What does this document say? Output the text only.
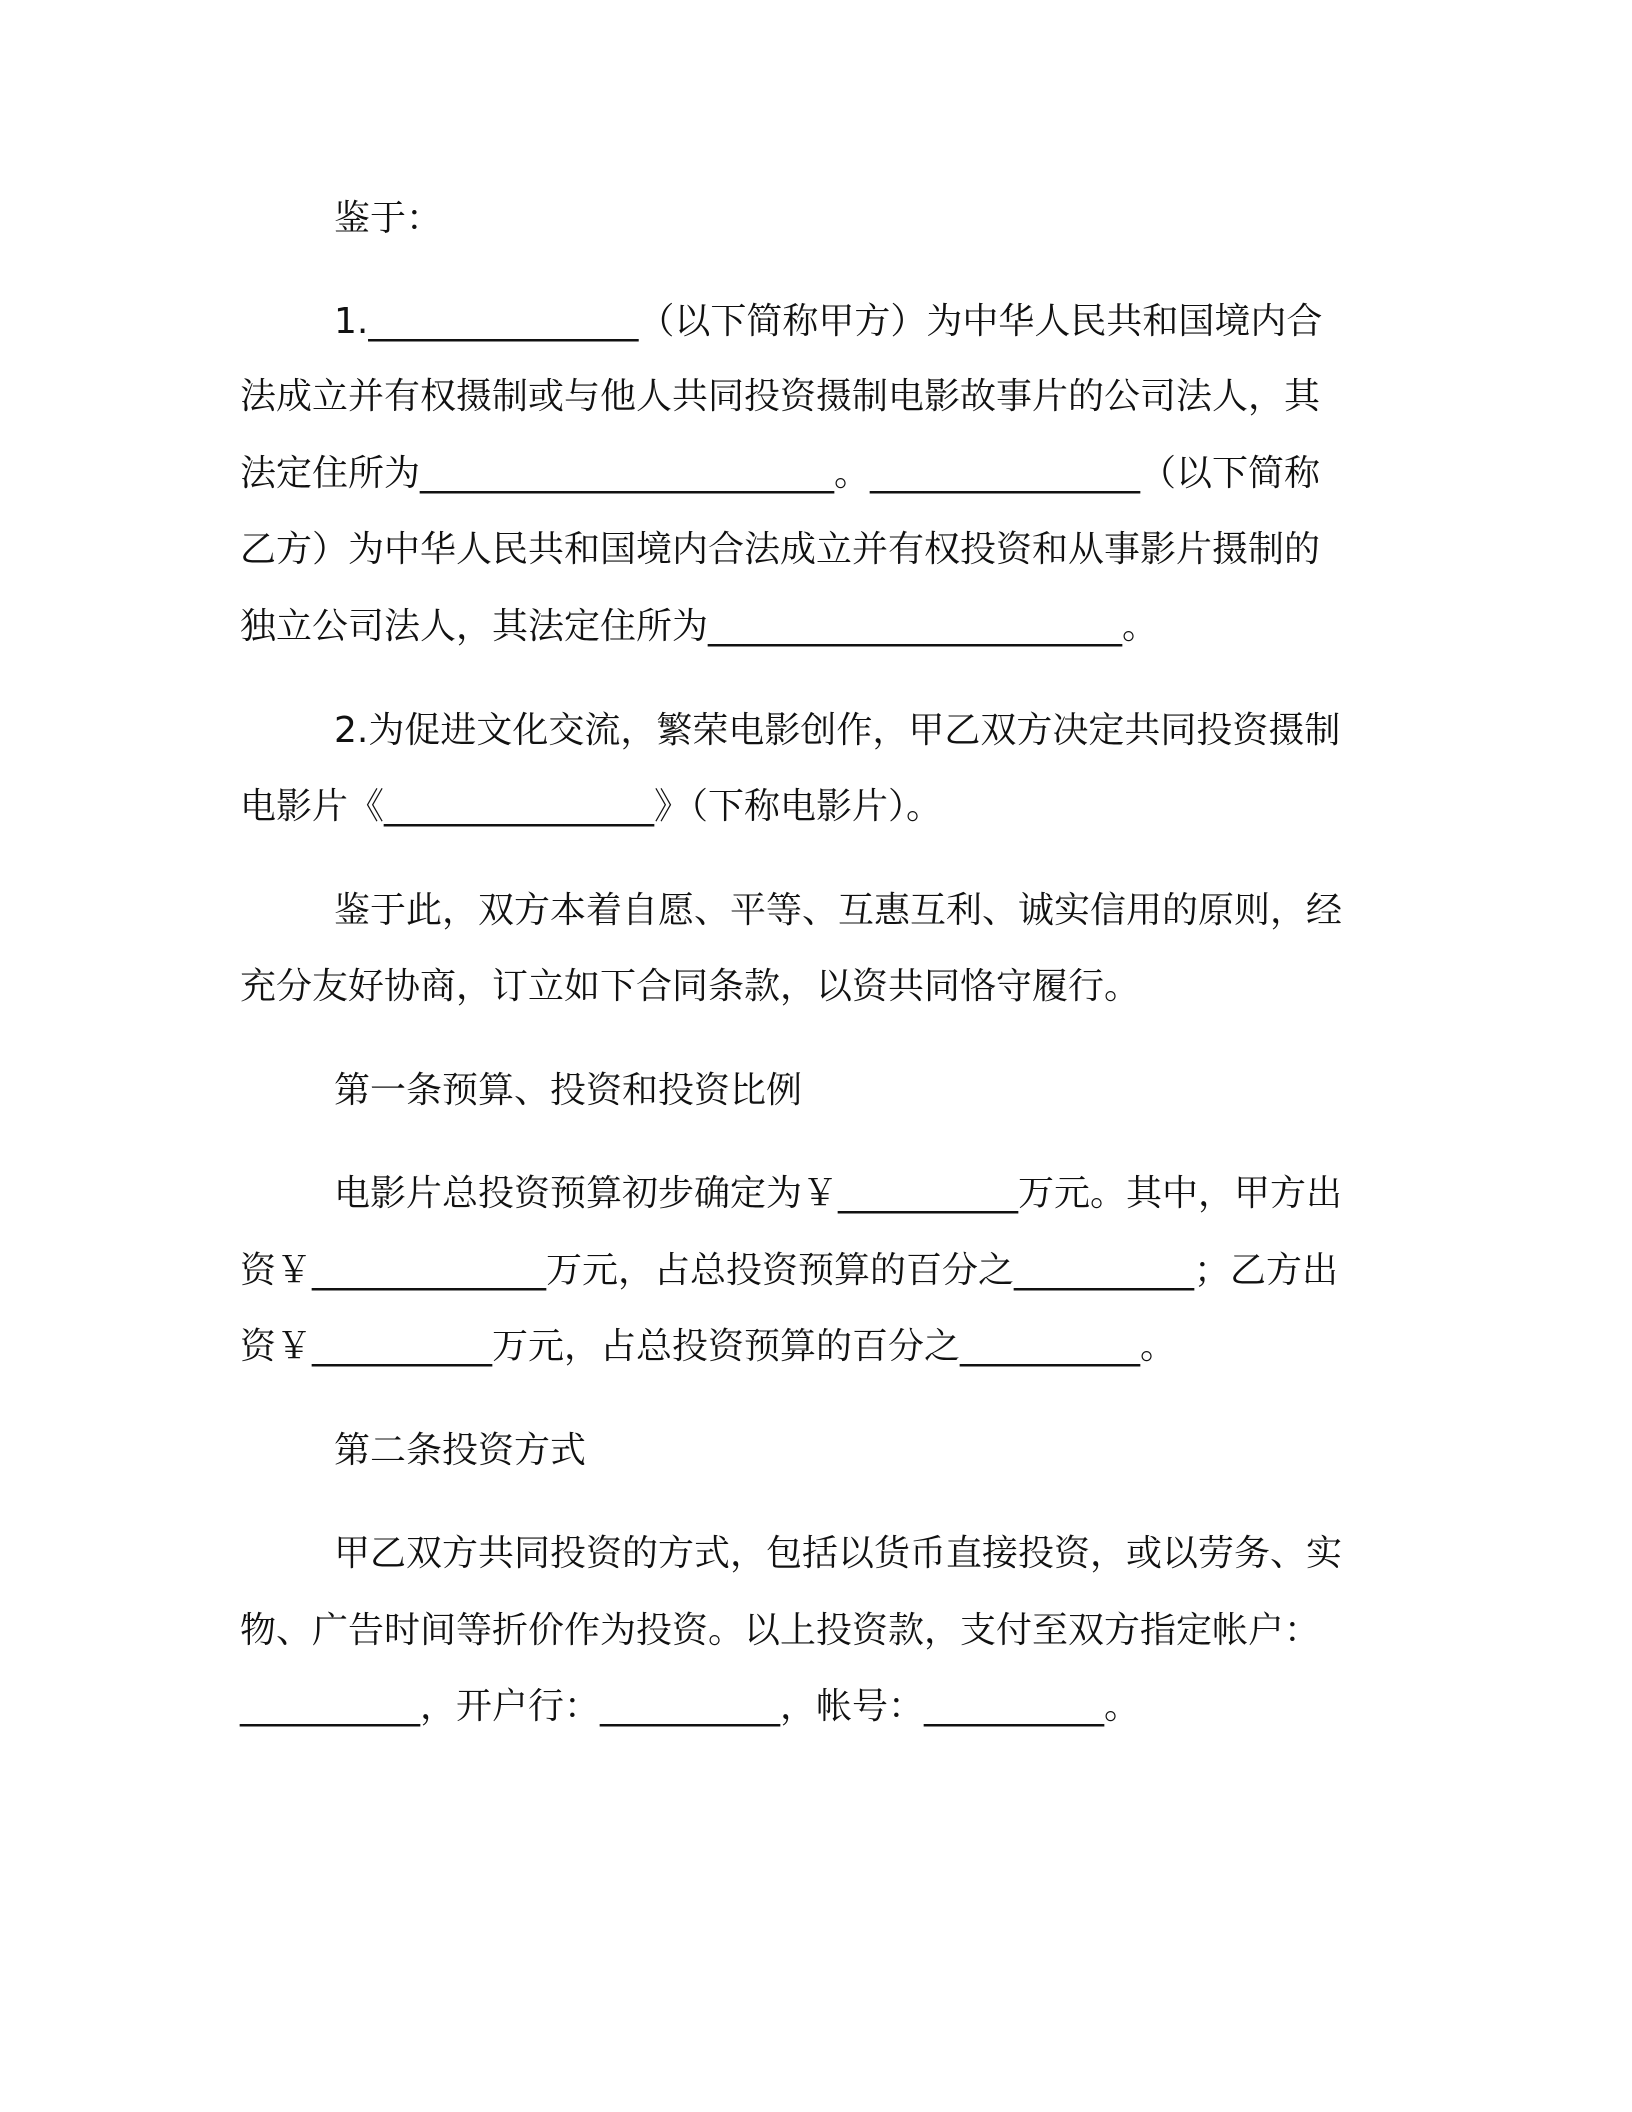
鉴于：
1._______________（以下简称甲方）为中华人民共和国境内合
法成立并有权摄制或与他人共同投资摄制电影故事片的公司法人，其
法定住所为_______________________。_______________（以下简称
乙方）为中华人民共和国境内合法成立并有权投资和从事影片摄制的
独立公司法人，其法定住所为_______________________。
2.为促进文化交流，繁荣电影创作，甲乙双方决定共同投资摄制
电影片《_______________》（下称电影片）。
鉴于此，双方本着自愿、平等、互惠互利、诚实信用的原则，经
充分友好协商，订立如下合同条款，以资共同恪守履行。
第一条预算、投资和投资比例
电影片总投资预算初步确定为￥__________万元。其中，甲方出
资￥_____________万元，占总投资预算的百分之__________；乙方出
资￥__________万元，占总投资预算的百分之__________。
第二条投资方式
甲乙双方共同投资的方式，包括以货币直接投资，或以劳务、实
物、广告时间等折价作为投资。以上投资款，支付至双方指定帐户：
__________，开户行：__________，帐号：__________。
